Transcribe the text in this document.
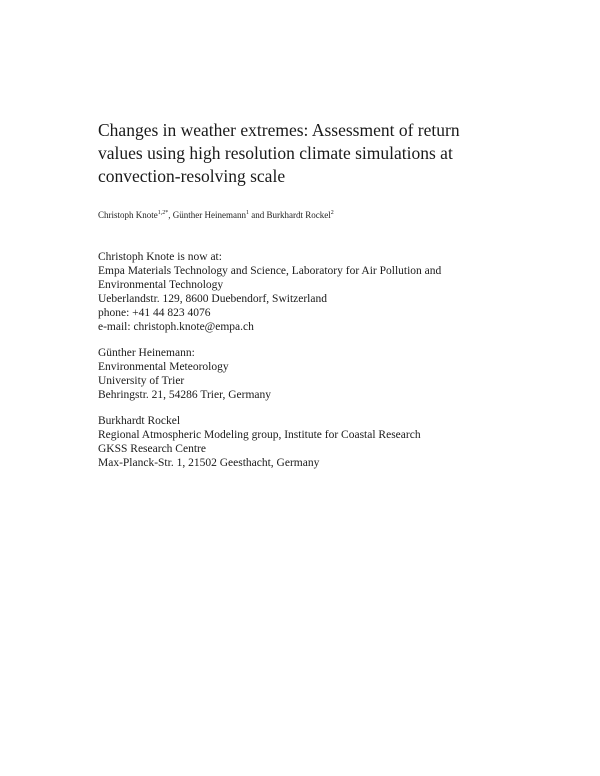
Changes in weather extremes: Assessment of return
values using high resolution climate simulations at
convection-resolving scale
Christoph Knote$^{1,2*}$, Günther Heinemann$^1$ and Burkhardt Rockel$^2$
Christoph Knote is now at:
Empa Materials Technology and Science, Laboratory for Air Pollution and
Environmental Technology
Ueberlandstr. 129, 8600 Duebendorf, Switzerland
phone: +41 44 823 4076
e-mail: christoph.knote@empa.ch
Günther Heinemann:
Environmental Meteorology
University of Trier
Behringstr. 21, 54286 Trier, Germany
Burkhardt Rockel
Regional Atmospheric Modeling group, Institute for Coastal Research
GKSS Research Centre
Max-Planck-Str. 1, 21502 Geesthacht, Germany
